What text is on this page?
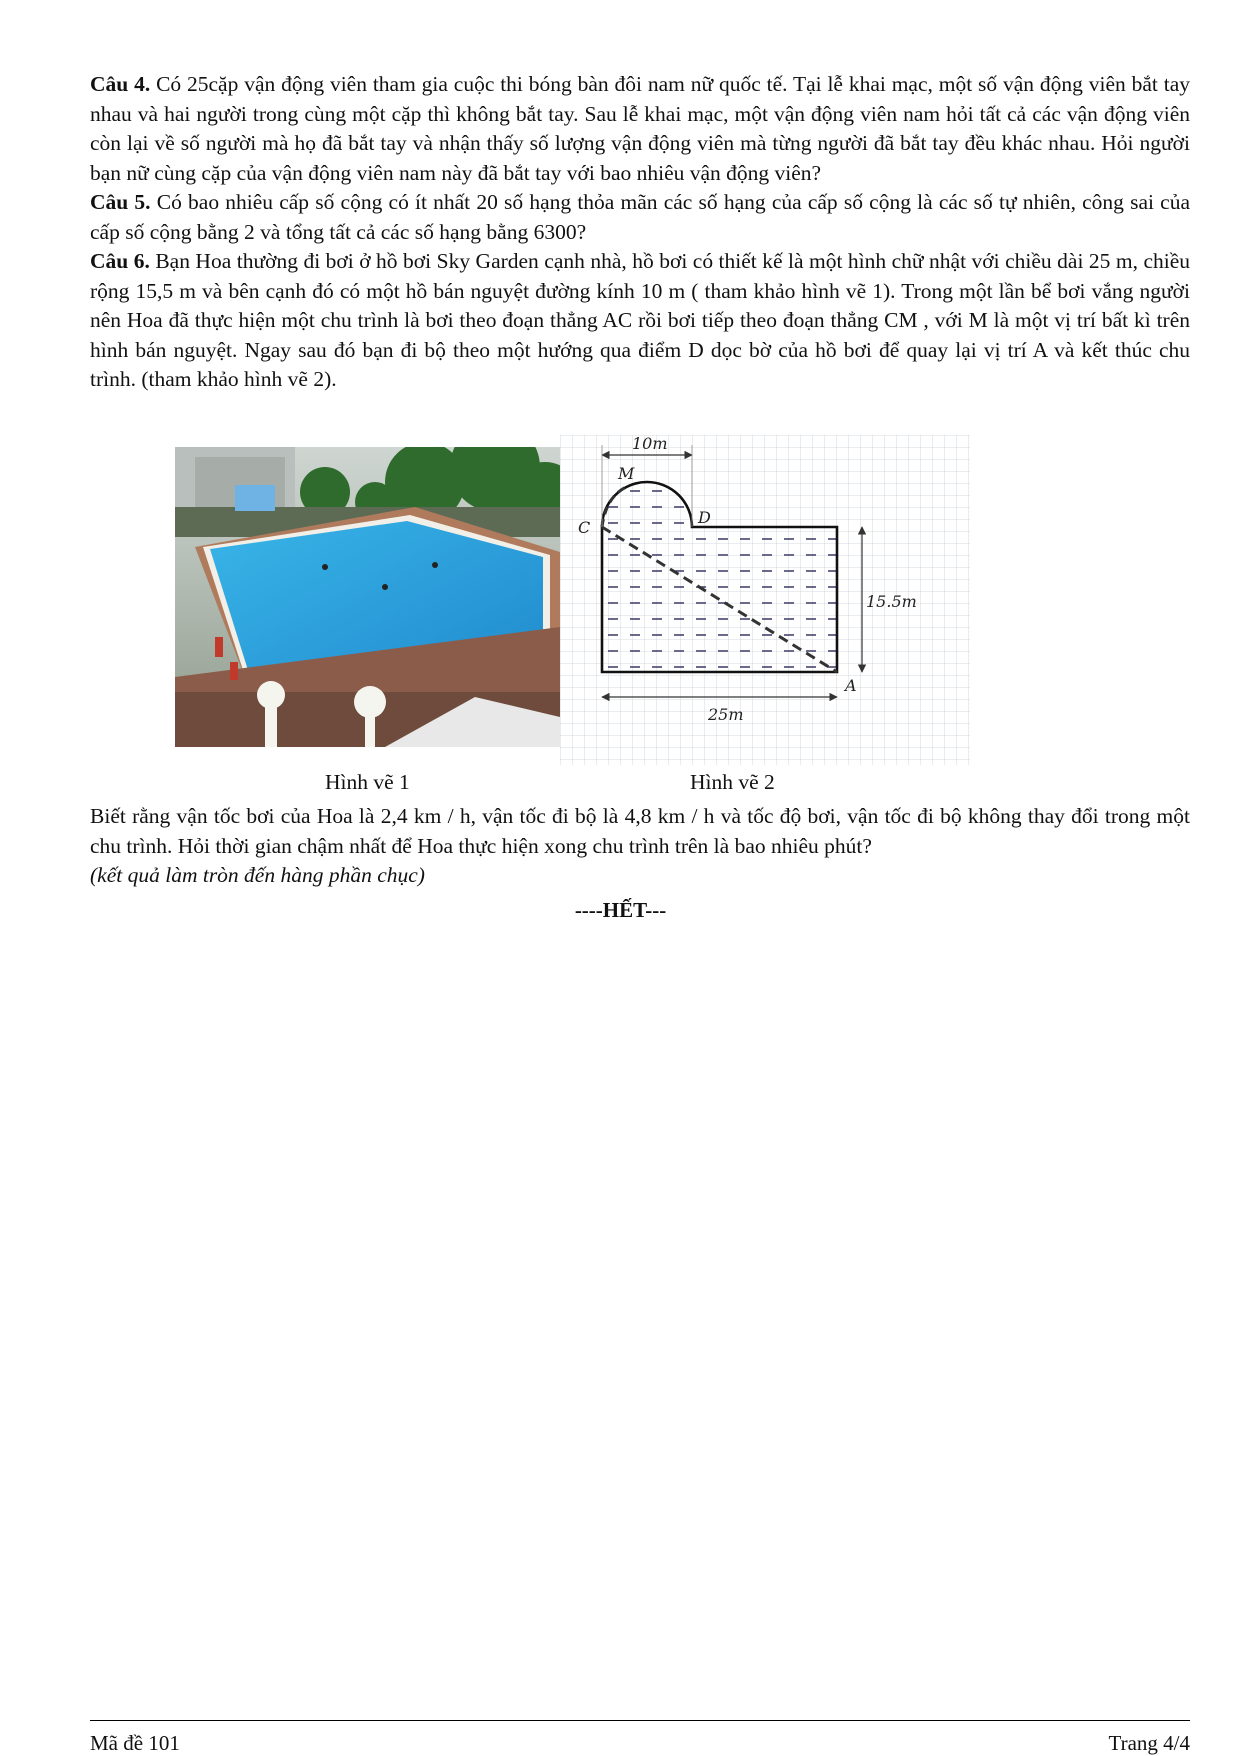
Câu 4. Có 25cặp vận động viên tham gia cuộc thi bóng bàn đôi nam nữ quốc tế. Tại lễ khai mạc, một số vận động viên bắt tay nhau và hai người trong cùng một cặp thì không bắt tay. Sau lễ khai mạc, một vận động viên nam hỏi tất cả các vận động viên còn lại về số người mà họ đã bắt tay và nhận thấy số lượng vận động viên mà từng người đã bắt tay đều khác nhau. Hỏi người bạn nữ cùng cặp của vận động viên nam này đã bắt tay với bao nhiêu vận động viên?

Câu 5. Có bao nhiêu cấp số cộng có ít nhất 20 số hạng thỏa mãn các số hạng của cấp số cộng là các số tự nhiên, công sai của cấp số cộng bằng 2 và tổng tất cả các số hạng bằng 6300?

Câu 6. Bạn Hoa thường đi bơi ở hồ bơi Sky Garden cạnh nhà, hồ bơi có thiết kế là một hình chữ nhật với chiều dài 25 m, chiều rộng 15,5 m và bên cạnh đó có một hồ bán nguyệt đường kính 10 m ( tham khảo hình vẽ 1). Trong một lần bể bơi vắng người nên Hoa đã thực hiện một chu trình là bơi theo đoạn thẳng AC rồi bơi tiếp theo đoạn thẳng CM , với M là một vị trí bất kì trên hình bán nguyệt. Ngay sau đó bạn đi bộ theo một hướng qua điểm D dọc bờ của hồ bơi để quay lại vị trí A và kết thúc chu trình. (tham khảo hình vẽ 2).

10m
15.5m
25m
M
C
D
A
Hình vẽ 1	Hình vẽ 2

Biết rằng vận tốc bơi của Hoa là 2,4 km / h, vận tốc đi bộ là 4,8 km / h và tốc độ bơi, vận tốc đi bộ không thay đổi trong một chu trình. Hỏi thời gian chậm nhất để Hoa thực hiện xong chu trình trên là bao nhiêu phút?

(kết quả làm tròn đến hàng phần chục)

----HẾT---
Mã đề 101	Trang 4/4
